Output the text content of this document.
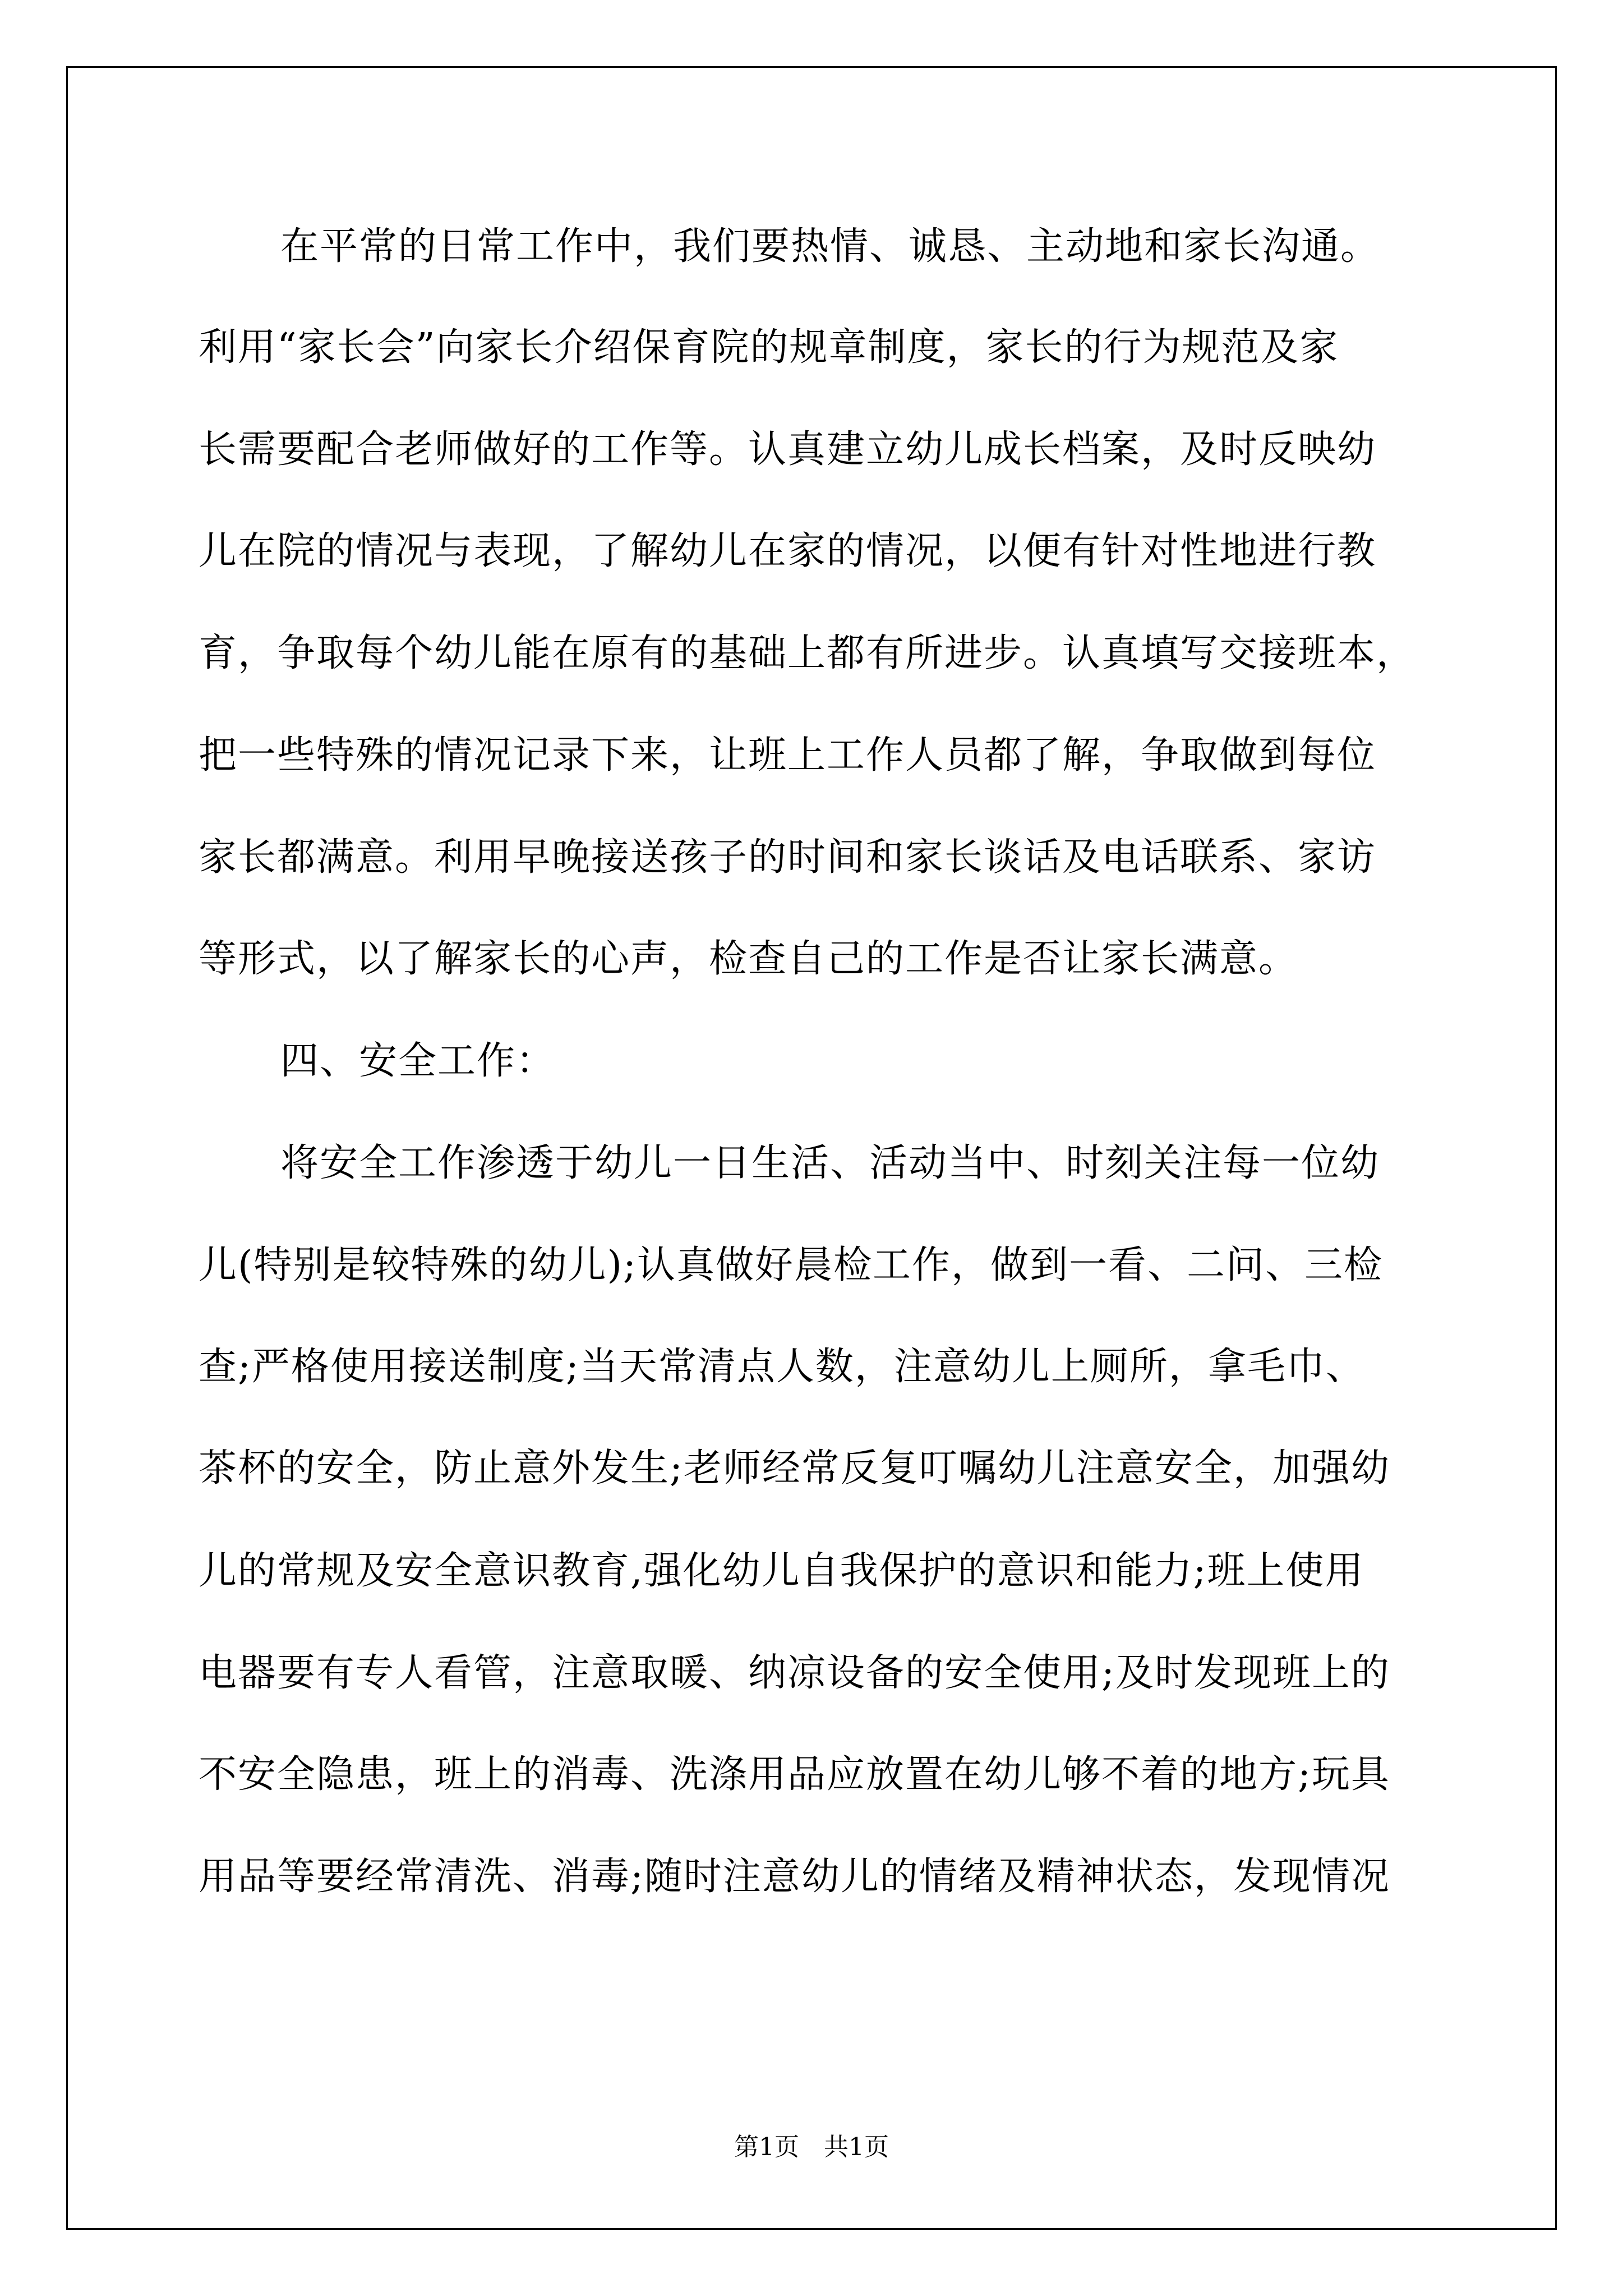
在平常的日常工作中，我们要热情、诚恳、主动地和家长沟通。
利用“家长会”向家长介绍保育院的规章制度，家长的行为规范及家
长需要配合老师做好的工作等。认真建立幼儿成长档案，及时反映幼
儿在院的情况与表现，了解幼儿在家的情况，以便有针对性地进行教
育，争取每个幼儿能在原有的基础上都有所进步。认真填写交接班本，
把一些特殊的情况记录下来，让班上工作人员都了解，争取做到每位
家长都满意。利用早晚接送孩子的时间和家长谈话及电话联系、家访
等形式，以了解家长的心声，检查自己的工作是否让家长满意。
四、安全工作：
将安全工作渗透于幼儿一日生活、活动当中、时刻关注每一位幼
儿(特别是较特殊的幼儿);认真做好晨检工作，做到一看、二问、三检
查;严格使用接送制度;当天常清点人数，注意幼儿上厕所，拿毛巾、
茶杯的安全，防止意外发生;老师经常反复叮嘱幼儿注意安全，加强幼
儿的常规及安全意识教育,强化幼儿自我保护的意识和能力;班上使用
电器要有专人看管，注意取暖、纳凉设备的安全使用;及时发现班上的
不安全隐患，班上的消毒、洗涤用品应放置在幼儿够不着的地方;玩具
用品等要经常清洗、消毒;随时注意幼儿的情绪及精神状态，发现情况
第1页　共1页
